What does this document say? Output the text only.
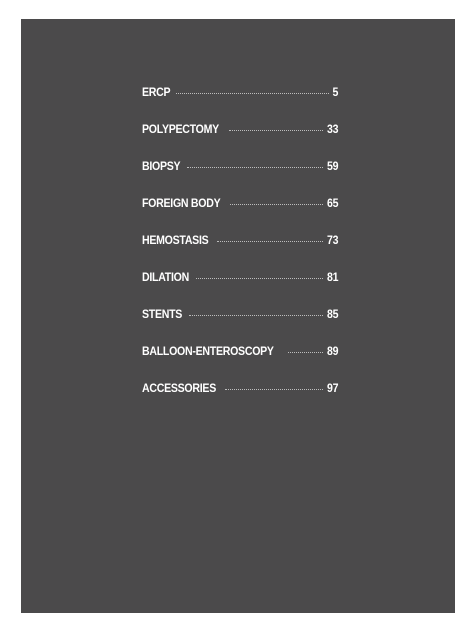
ERCP	5
POLYPECTOMY	33
BIOPSY	59
FOREIGN BODY	65
HEMOSTASIS	73
DILATION	81
STENTS	85
BALLOON-ENTEROSCOPY	89
ACCESSORIES	97
